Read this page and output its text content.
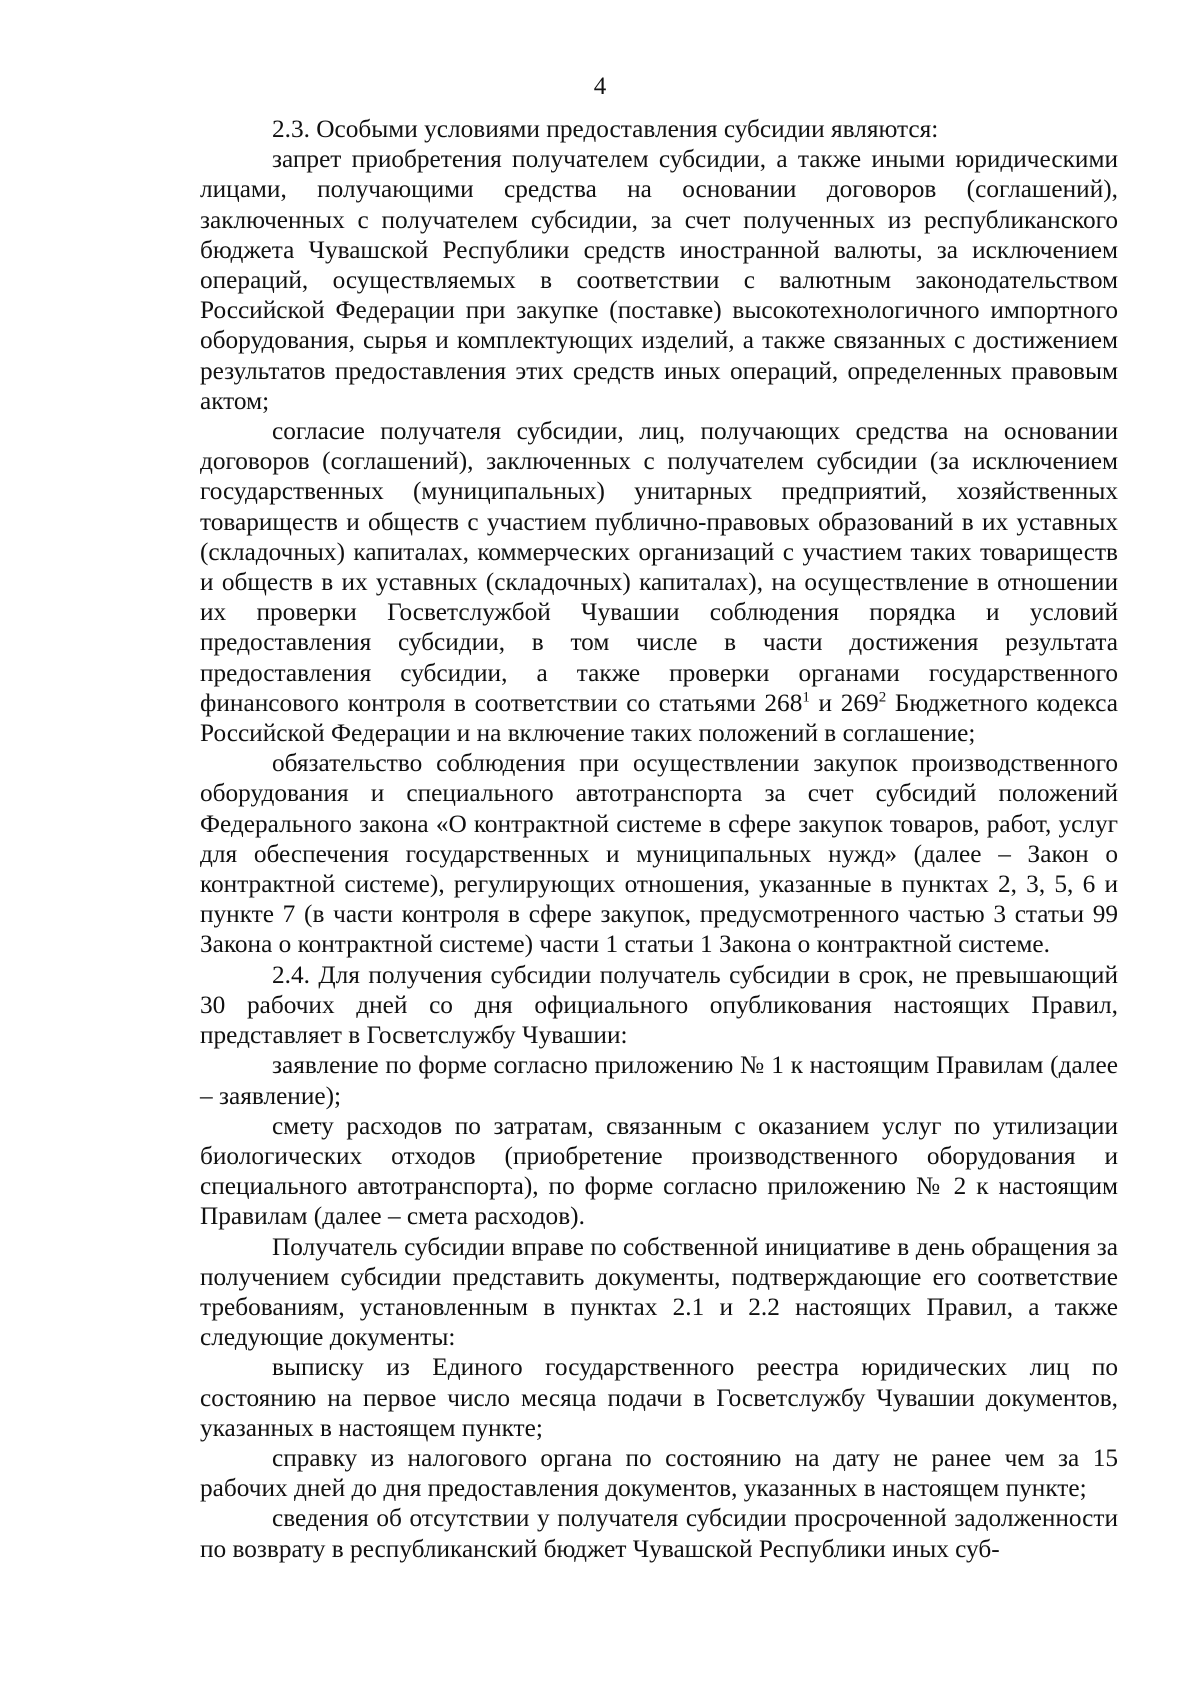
4

2.3. Особыми условиями предоставления субсидии являются:

запрет приобретения получателем субсидии, а также иными юридическими лицами, получающими средства на основании договоров (соглашений), заключенных с получателем субсидии, за счет полученных из республиканского бюджета Чувашской Республики средств иностранной валюты, за исключением операций, осуществляемых в соответствии с валютным законодательством Российской Федерации при закупке (поставке) высокотехнологичного импортного оборудования, сырья и комплектующих изделий, а также связанных с достижением результатов предоставления этих средств иных операций, определенных правовым актом;

согласие получателя субсидии, лиц, получающих средства на основании договоров (соглашений), заключенных с получателем субсидии (за исключением государственных (муниципальных) унитарных предприятий, хозяйственных товариществ и обществ с участием публично-правовых образований в их уставных (складочных) капиталах, коммерческих организаций с участием таких товариществ и обществ в их уставных (складочных) капиталах), на осуществление в отношении их проверки Госветслужбой Чувашии соблюдения порядка и условий предоставления субсидии, в том числе в части достижения результата предоставления субсидии, а также проверки органами государственного финансового контроля в соответствии со статьями $268^1$ и $269^2$ Бюджетного кодекса Российской Федерации и на включение таких положений в соглашение;

обязательство соблюдения при осуществлении закупок производственного оборудования и специального автотранспорта за счет субсидий положений Федерального закона «О контрактной системе в сфере закупок товаров, работ, услуг для обеспечения государственных и муниципальных нужд» (далее – Закон о контрактной системе), регулирующих отношения, указанные в пунктах 2, 3, 5, 6 и пункте 7 (в части контроля в сфере закупок, предусмотренного частью 3 статьи 99 Закона о контрактной системе) части 1 статьи 1 Закона о контрактной системе.

2.4. Для получения субсидии получатель субсидии в срок, не превышающий 30 рабочих дней со дня официального опубликования настоящих Правил, представляет в Госветслужбу Чувашии:

заявление по форме согласно приложению № 1 к настоящим Правилам (далее – заявление);

смету расходов по затратам, связанным с оказанием услуг по утилизации биологических отходов (приобретение производственного оборудования и специального автотранспорта), по форме согласно приложению № 2 к настоящим Правилам (далее – смета расходов).

Получатель субсидии вправе по собственной инициативе в день обращения за получением субсидии представить документы, подтверждающие его соответствие требованиям, установленным в пунктах 2.1 и 2.2 настоящих Правил, а также следующие документы:

выписку из Единого государственного реестра юридических лиц по состоянию на первое число месяца подачи в Госветслужбу Чувашии документов, указанных в настоящем пункте;

справку из налогового органа по состоянию на дату не ранее чем за 15 рабочих дней до дня предоставления документов, указанных в настоящем пункте;

сведения об отсутствии у получателя субсидии просроченной задолженности по возврату в республиканский бюджет Чувашской Республики иных суб-
